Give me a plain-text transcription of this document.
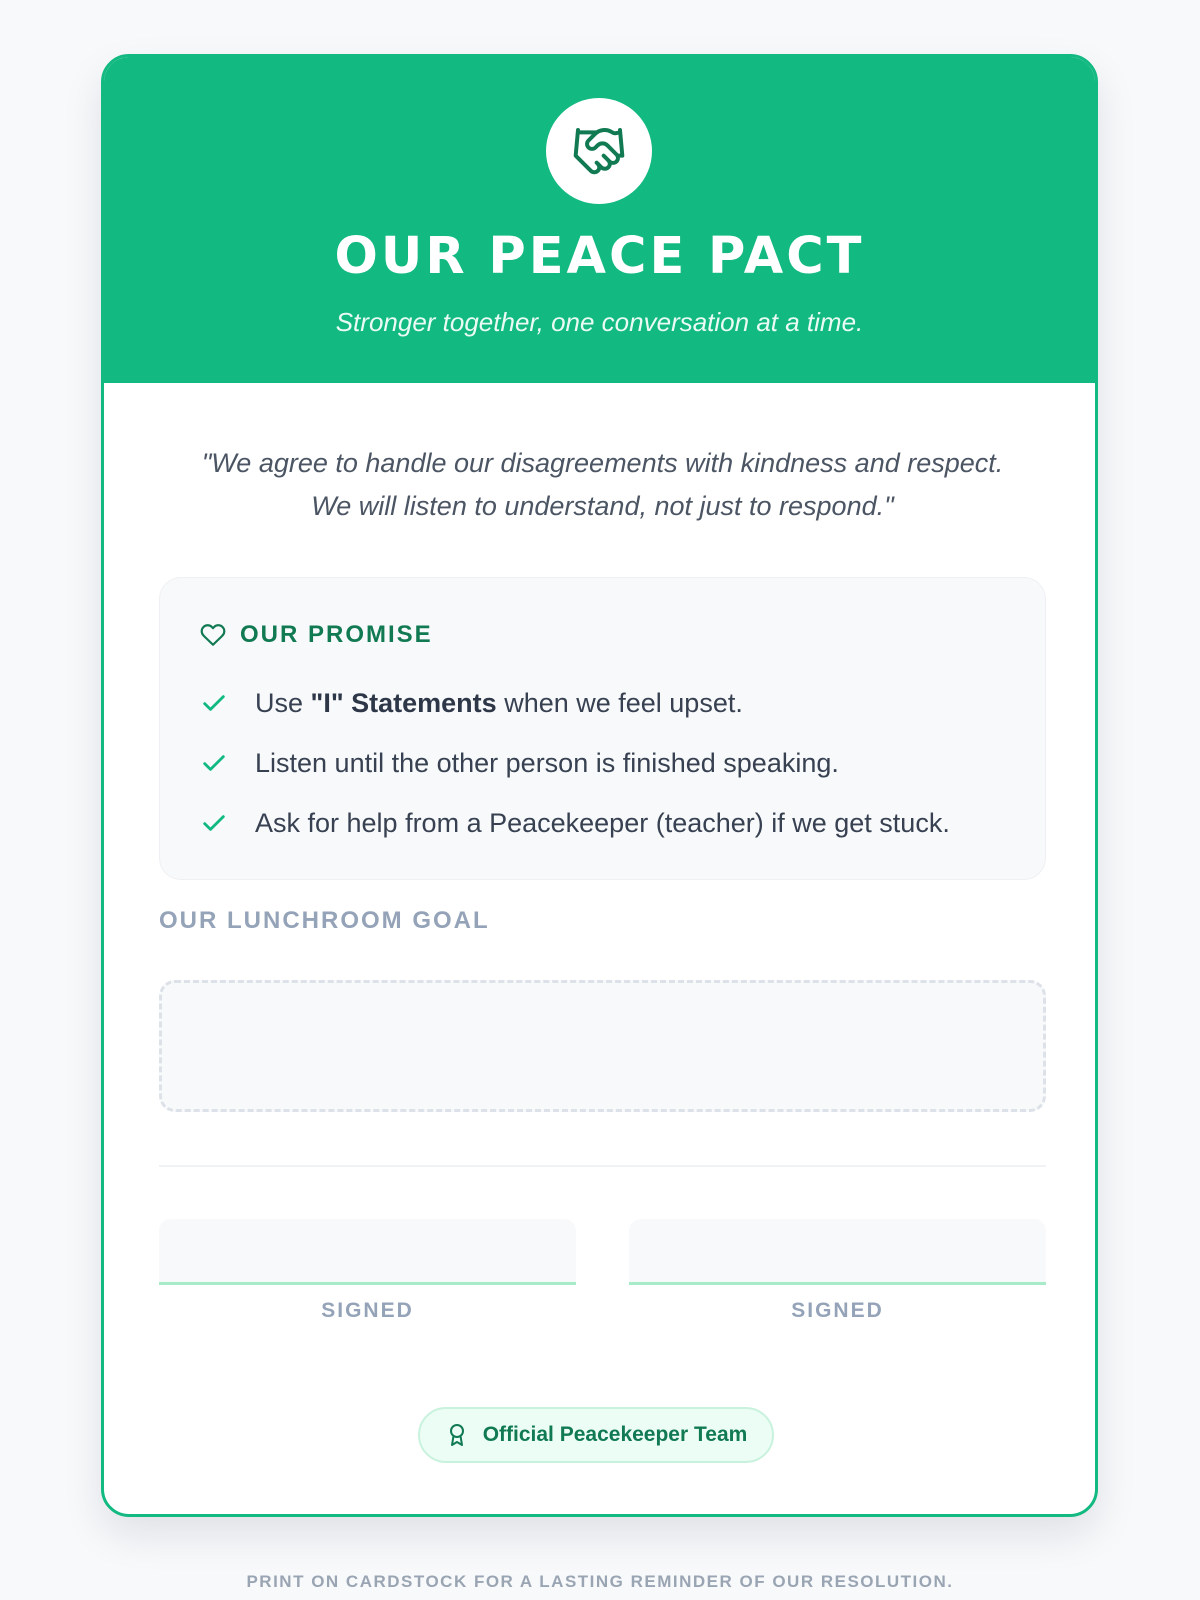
OUR PEACE PACT
Stronger together, one conversation at a time.
"We agree to handle our disagreements with kindness and respect.
We will listen to understand, not just to respond."
OUR PROMISE
Use "I" Statements when we feel upset.
Listen until the other person is finished speaking.
Ask for help from a Peacekeeper (teacher) if we get stuck.
OUR LUNCHROOM GOAL
SIGNED	SIGNED
Official Peacekeeper Team
PRINT ON CARDSTOCK FOR A LASTING REMINDER OF OUR RESOLUTION.
